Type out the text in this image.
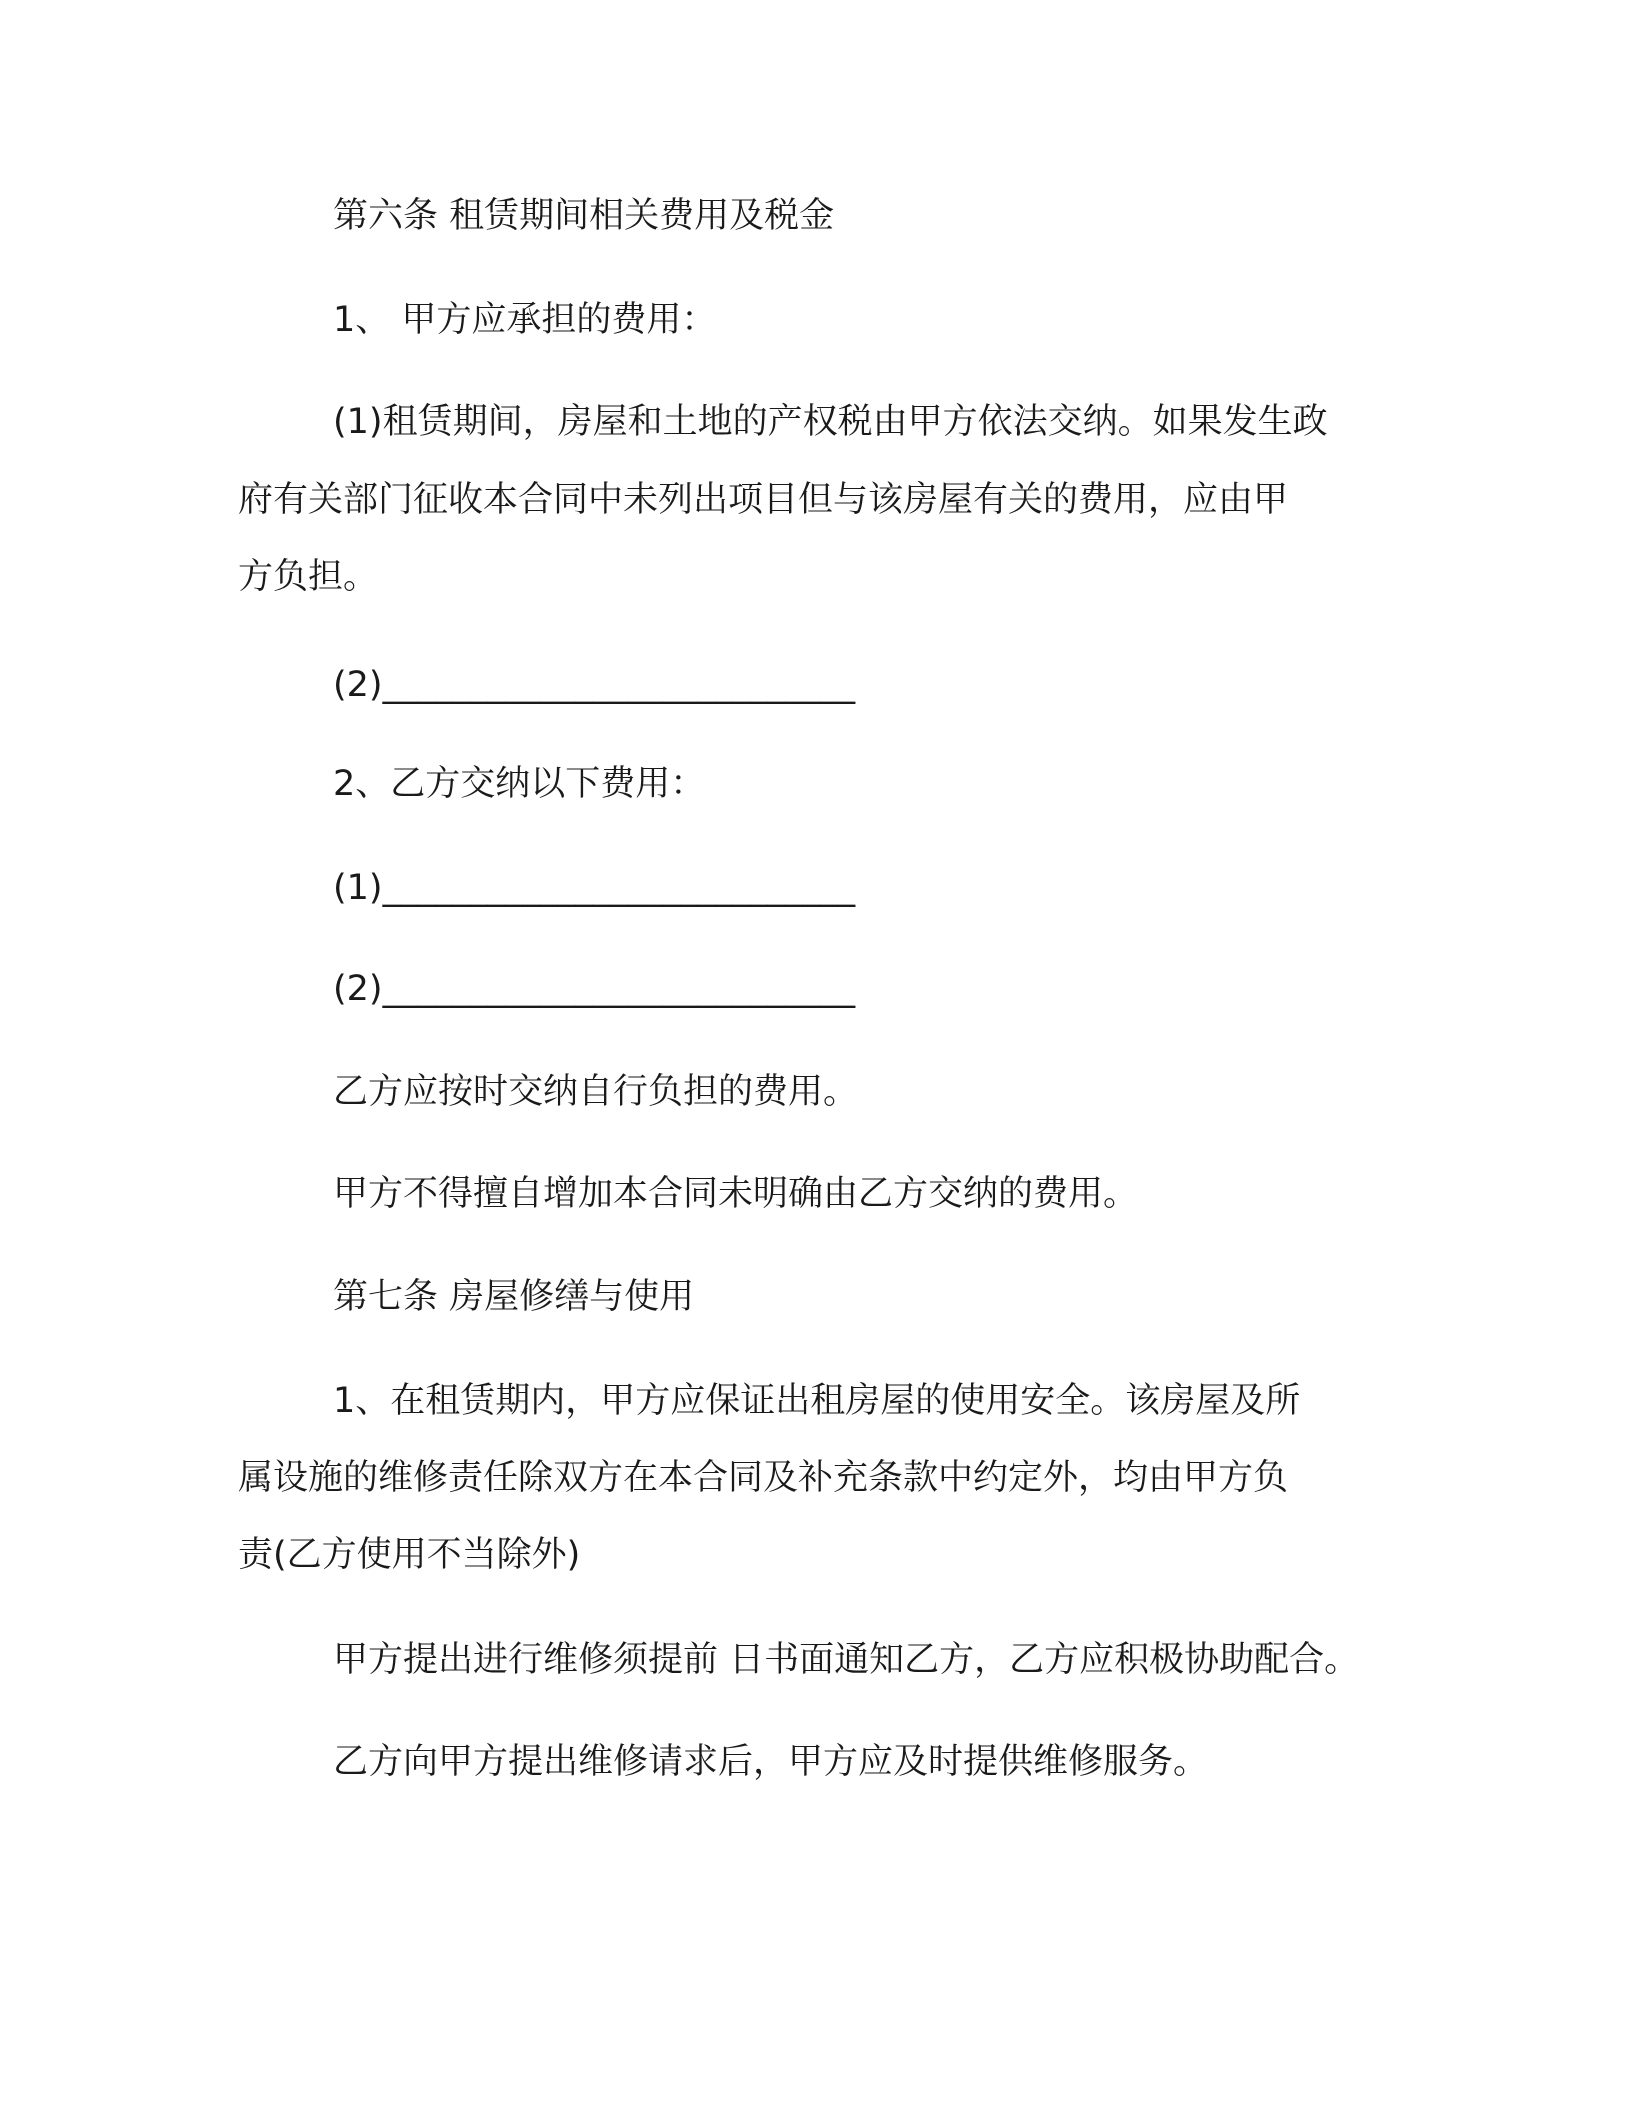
第六条 租赁期间相关费用及税金
1、 甲方应承担的费用：
(1)租赁期间，房屋和土地的产权税由甲方依法交纳。如果发生政
府有关部门征收本合同中未列出项目但与该房屋有关的费用，应由甲
方负担。
(2)___________________________
2、乙方交纳以下费用：
(1)___________________________
(2)___________________________
乙方应按时交纳自行负担的费用。
甲方不得擅自增加本合同未明确由乙方交纳的费用。
第七条 房屋修缮与使用
1、在租赁期内，甲方应保证出租房屋的使用安全。该房屋及所
属设施的维修责任除双方在本合同及补充条款中约定外，均由甲方负
责(乙方使用不当除外)
甲方提出进行维修须提前 日书面通知乙方，乙方应积极协助配合。
乙方向甲方提出维修请求后，甲方应及时提供维修服务。
